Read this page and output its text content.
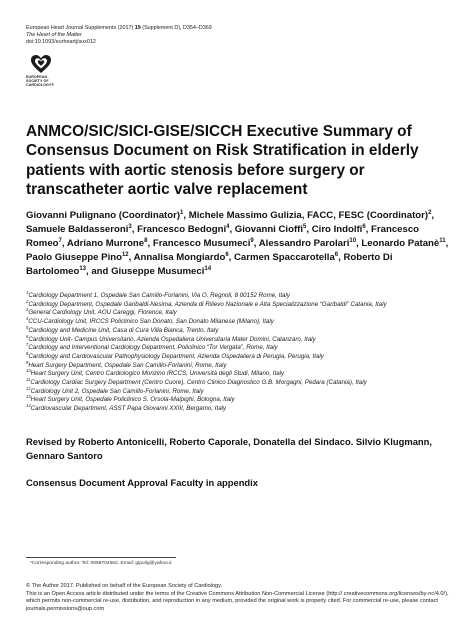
European Heart Journal Supplements (2017) 19 (Supplement D), D354–D369
The Heart of the Matter
doi:10.1093/eurheartj/sux012
EUROPEAN
SOCIETY OF
CARDIOLOGY®
ANMCO/SIC/SICI-GISE/SICCH Executive Summary of Consensus Document on Risk Stratification in elderly patients with aortic stenosis before surgery or transcatheter aortic valve replacement
Giovanni Pulignano (Coordinator)$^1$, Michele Massimo Gulizia, FACC, FESC (Coordinator)$^2$, Samuele Baldasseroni$^3$, Francesco Bedogni$^4$, Giovanni Cioffi$^5$, Ciro Indolfi$^6$, Francesco Romeo$^7$, Adriano Murrone$^8$, Francesco Musumeci$^9$, Alessandro Parolari$^{10}$, Leonardo Patanè$^{11}$, Paolo Giuseppe Pino$^{12}$, Annalisa Mongiardo$^6$, Carmen Spaccarotella$^6$, Roberto Di Bartolomeo$^{13}$, and Giuseppe Musumeci$^{14}$
$^1$Cardiology Department 1, Ospedale San Camillo-Forlanini, Via O. Regnoli, 8 00152 Rome, Italy
$^2$Cardiology Department, Ospedale Garibaldi-Nesima, Azienda di Rilievo Nazionale e Alta Specializzazione “Garibaldi” Catania, Italy
$^3$General Cardiology Unit, AOU Careggi, Florence, Italy
$^4$CCU-Cardiology Unit, IRCCS Policlinico San Donato, San Donato Milanese (Milano), Italy
$^5$Cardiology and Medicine Unit, Casa di Cura Villa Bianca, Trento, Italy
$^6$Cardiology Unit- Campus Universitario, Azienda Ospedaliera Universitaria Mater Domini, Catanzaro, Italy
$^7$Cardiology and Interventional Cardiology Department, Policlinico “Tor Vergata”, Rome, Italy
$^8$Cardiology and Cardiovascular Pathophysiology Department, Azienda Ospedaliera di Perugia, Perugia, Italy
$^9$Heart Surgery Department, Ospedale San Camillo-Forlanini, Rome, Italy
$^{10}$Heart Surgery Unit, Centro Cardiologico Monzino IRCCS, Università degli Studi, Milano, Italy
$^{11}$Cardiology Cardiac Surgery Department (Centro Cuore), Centro Clinico Diagnostico G.B. Morgagni, Pedara (Catania), Italy
$^{12}$Cardiology Unit 2, Ospedale San Camillo-Forlanini, Rome, Italy
$^{13}$Heart Surgery Unit, Ospedale Policlinico S. Orsola-Malpighi, Bologna, Italy
$^{14}$Cardiovascular Department, ASST Papa Giovanni XXIII, Bergamo, Italy
Revised by Roberto Antonicelli, Roberto Caporale, Donatella del Sindaco. Silvio Klugmann, Gennaro Santoro
Consensus Document Approval Faculty in appendix
*Corresponding author. Tel: 0658704562, Email: gipulig@yahoo.it

© The Author 2017. Published on behalf of the European Society of Cardiology.

This is an Open Access article distributed under the terms of the Creative Commons Attribution Non-Commercial License (http:// creativecommons.org/licenses/by-nc/4.0/), which permits non-commercial re-use, distribution, and reproduction in any medium, provided the original work is properly cited. For commercial re-use, please contact journals.permissions@oup.com
